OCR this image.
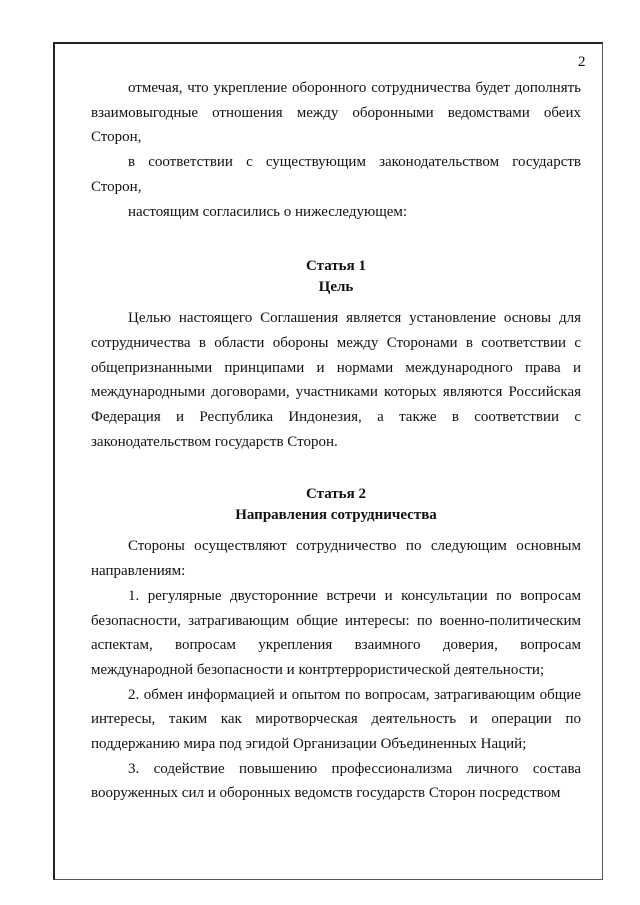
2

отмечая, что укрепление оборонного сотрудничества будет дополнять взаимовыгодные отношения между оборонными ведомствами обеих Сторон,

в соответствии с существующим законодательством государств Сторон,

настоящим согласились о нижеследующем:

Статья 1
Цель

Целью настоящего Соглашения является установление основы для сотрудничества в области обороны между Сторонами в соответствии с общепризнанными принципами и нормами международного права и международными договорами, участниками которых являются Российская Федерация и Республика Индонезия, а также в соответствии с законодательством государств Сторон.

Статья 2
Направления сотрудничества

Стороны осуществляют сотрудничество по следующим основным направлениям:

1. регулярные двусторонние встречи и консультации по вопросам безопасности, затрагивающим общие интересы: по военно-политическим аспектам, вопросам укрепления взаимного доверия, вопросам международной безопасности и контртеррористической деятельности;

2. обмен информацией и опытом по вопросам, затрагивающим общие интересы, таким как миротворческая деятельность и операции по поддержанию мира под эгидой Организации Объединенных Наций;

3. содействие повышению профессионализма личного состава вооруженных сил и оборонных ведомств государств Сторон посредством
